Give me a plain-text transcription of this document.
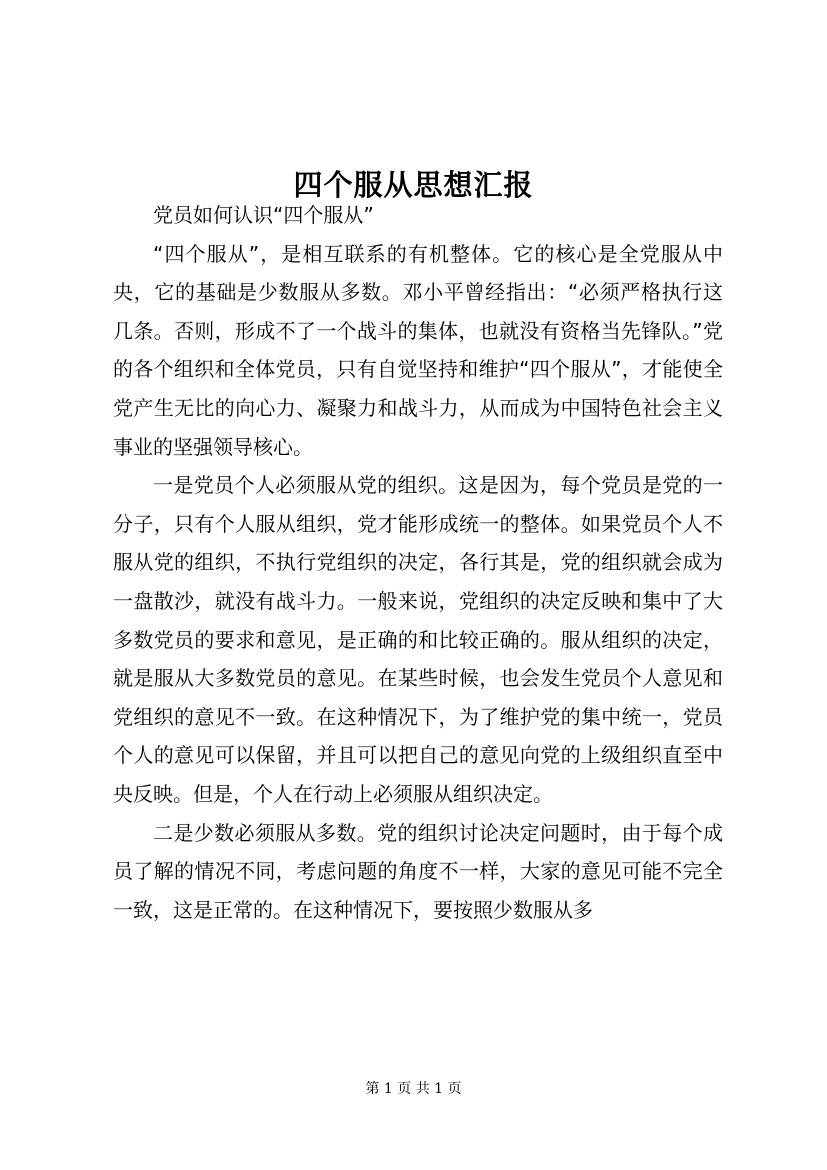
四个服从思想汇报

党员如何认识“四个服从”

“四个服从”，是相互联系的有机整体。它的核心是全党服从中央，它的基础是少数服从多数。邓小平曾经指出：“必须严格执行这几条。否则，形成不了一个战斗的集体，也就没有资格当先锋队。”党的各个组织和全体党员，只有自觉坚持和维护“四个服从”，才能使全党产生无比的向心力、凝聚力和战斗力，从而成为中国特色社会主义事业的坚强领导核心。

一是党员个人必须服从党的组织。这是因为，每个党员是党的一分子，只有个人服从组织，党才能形成统一的整体。如果党员个人不服从党的组织，不执行党组织的决定，各行其是，党的组织就会成为一盘散沙，就没有战斗力。一般来说，党组织的决定反映和集中了大多数党员的要求和意见，是正确的和比较正确的。服从组织的决定，就是服从大多数党员的意见。在某些时候，也会发生党员个人意见和党组织的意见不一致。在这种情况下，为了维护党的集中统一，党员个人的意见可以保留，并且可以把自己的意见向党的上级组织直至中央反映。但是，个人在行动上必须服从组织决定。

二是少数必须服从多数。党的组织讨论决定问题时，由于每个成员了解的情况不同，考虑问题的角度不一样，大家的意见可能不完全一致，这是正常的。在这种情况下，要按照少数服从多

第 1 页 共 1 页
